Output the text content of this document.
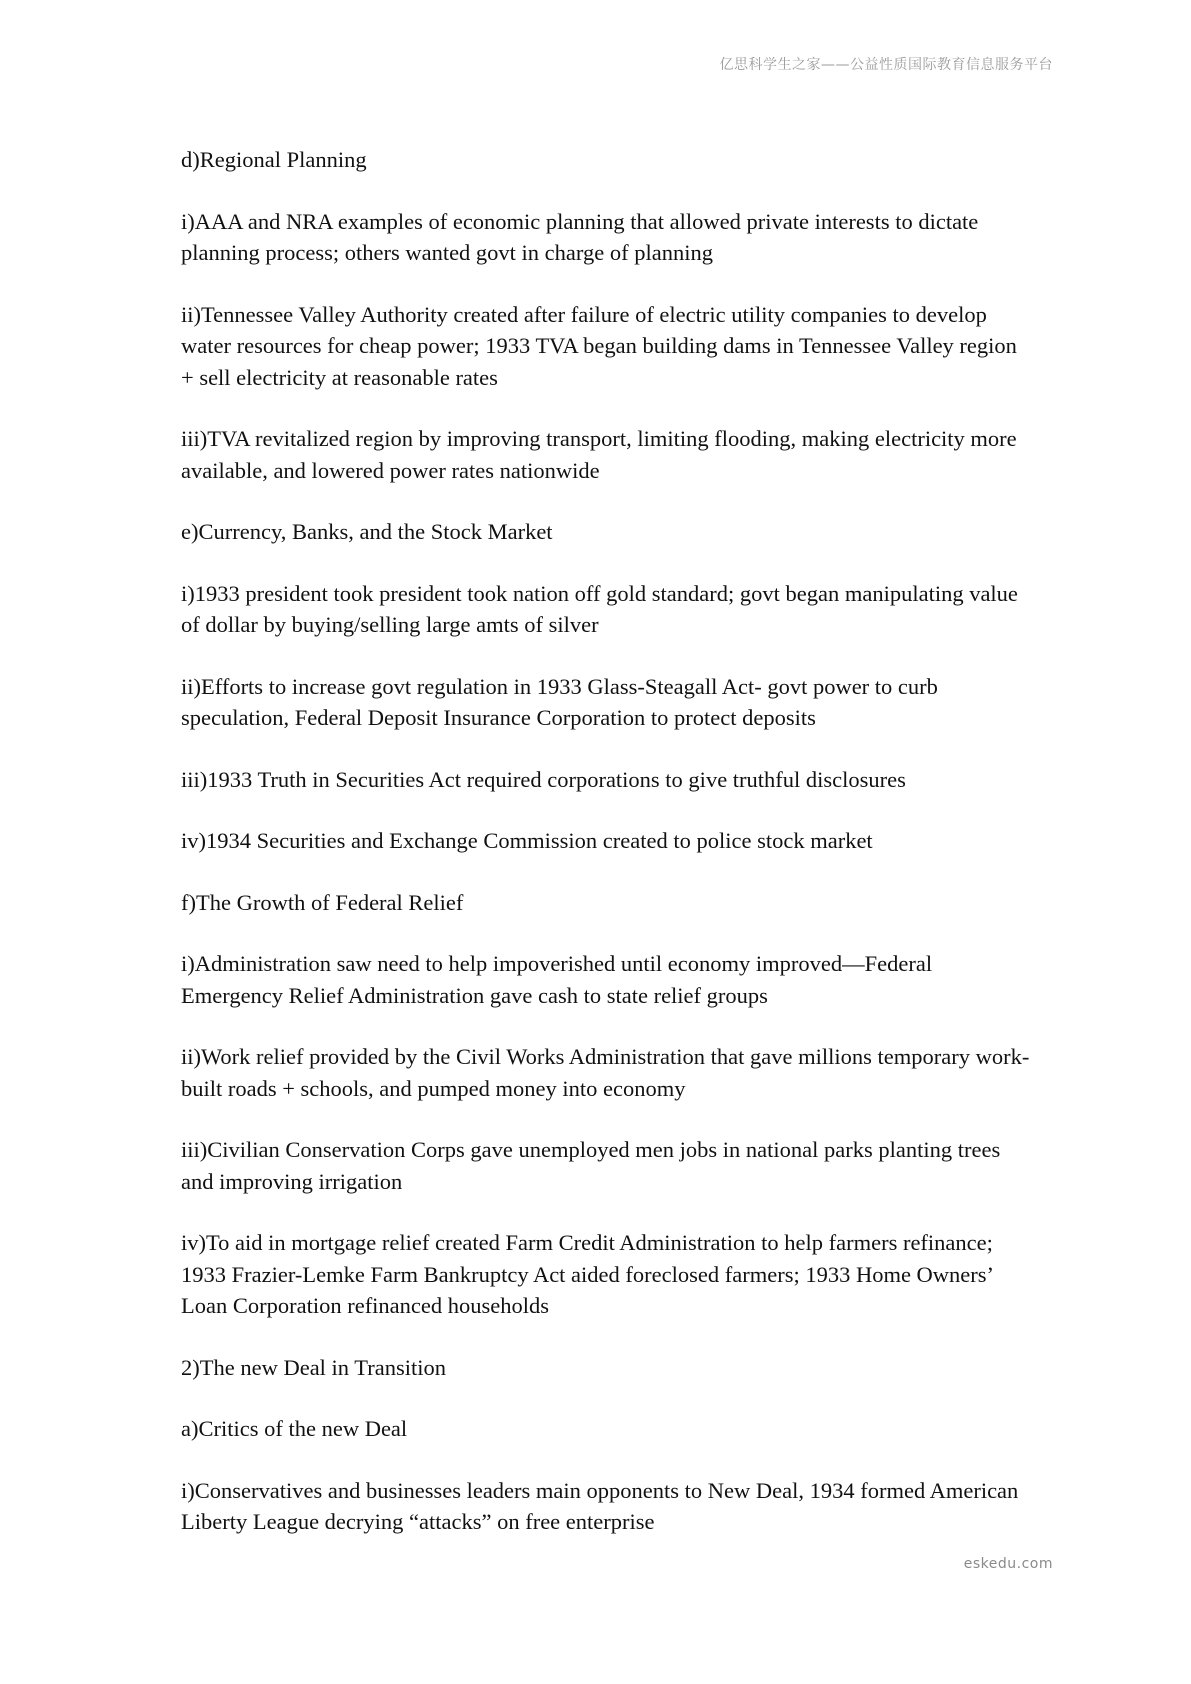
亿思科学生之家——公益性质国际教育信息服务平台

d)Regional Planning

i)AAA and NRA examples of economic planning that allowed private interests to dictate planning process; others wanted govt in charge of planning

ii)Tennessee Valley Authority created after failure of electric utility companies to develop water resources for cheap power; 1933 TVA began building dams in Tennessee Valley region + sell electricity at reasonable rates

iii)TVA revitalized region by improving transport, limiting flooding, making electricity more available, and lowered power rates nationwide

e)Currency, Banks, and the Stock Market

i)1933 president took president took nation off gold standard; govt began manipulating value of dollar by buying/selling large amts of silver

ii)Efforts to increase govt regulation in 1933 Glass-Steagall Act- govt power to curb speculation, Federal Deposit Insurance Corporation to protect deposits

iii)1933 Truth in Securities Act required corporations to give truthful disclosures

iv)1934 Securities and Exchange Commission created to police stock market

f)The Growth of Federal Relief

i)Administration saw need to help impoverished until economy improved—Federal Emergency Relief Administration gave cash to state relief groups

ii)Work relief provided by the Civil Works Administration that gave millions temporary work- built roads + schools, and pumped money into economy

iii)Civilian Conservation Corps gave unemployed men jobs in national parks planting trees and improving irrigation

iv)To aid in mortgage relief created Farm Credit Administration to help farmers refinance; 1933 Frazier-Lemke Farm Bankruptcy Act aided foreclosed farmers; 1933 Home Owners’ Loan Corporation refinanced households

2)The new Deal in Transition

a)Critics of the new Deal

i)Conservatives and businesses leaders main opponents to New Deal, 1934 formed American Liberty League decrying “attacks” on free enterprise

eskedu.com
